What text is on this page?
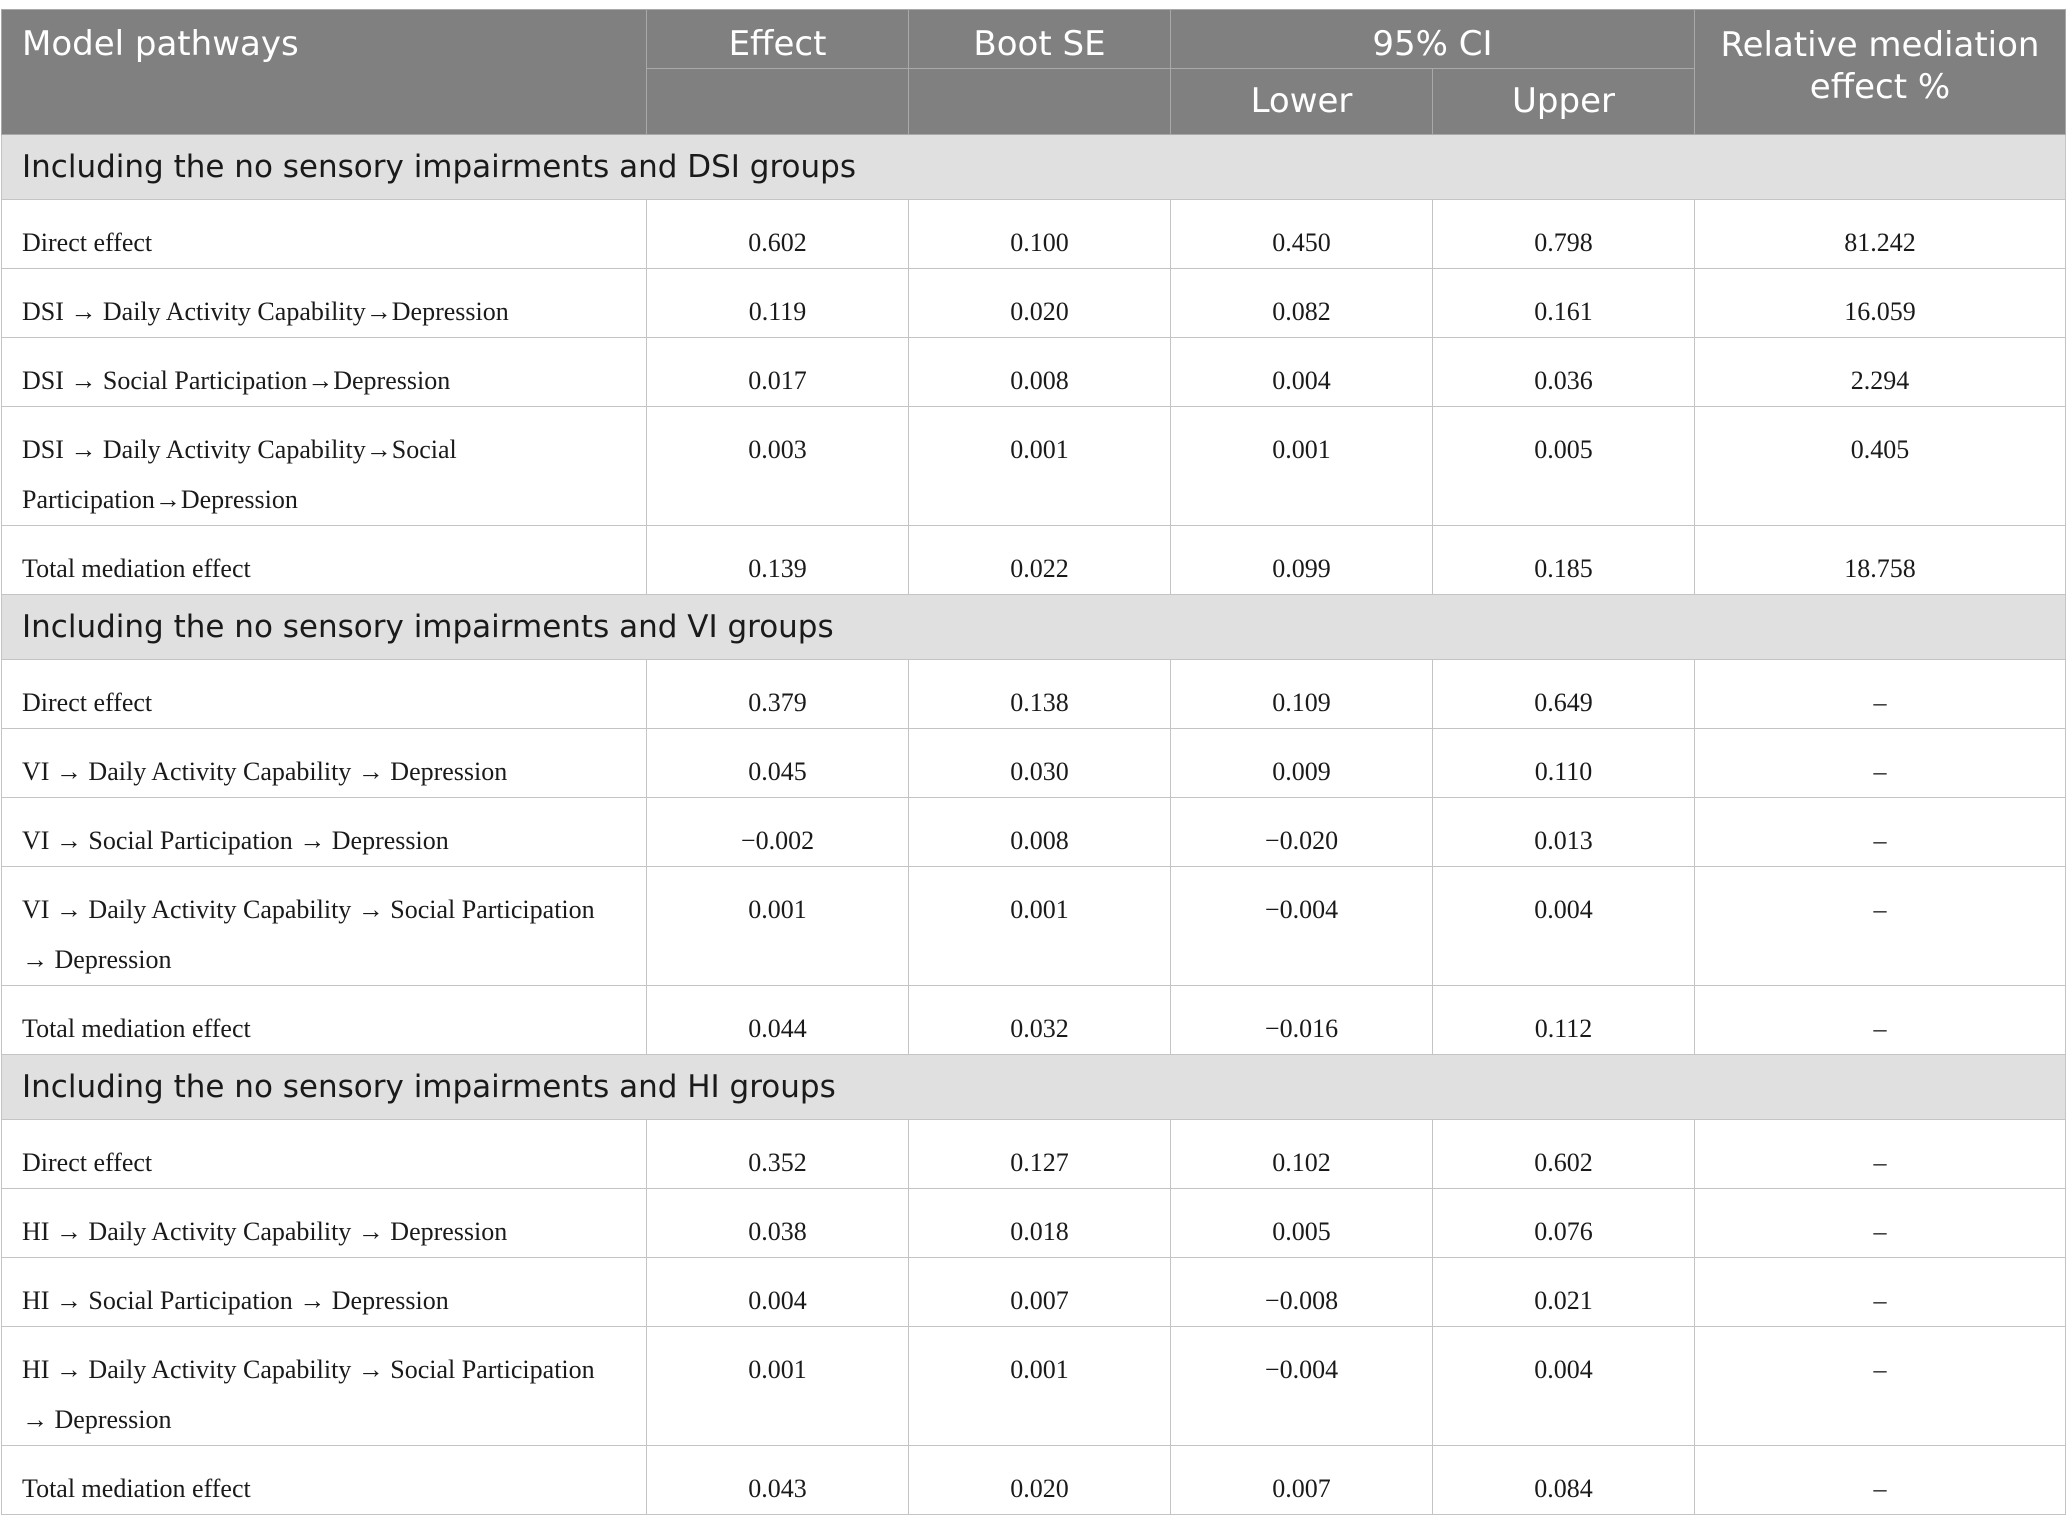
Model pathways	Effect	Boot SE	95% CI		Relative mediation effect %
			Lower	Upper	
Including the no sensory impairments and DSI groups					
Direct effect	0.602	0.100	0.450	0.798	81.242
DSI → Daily Activity Capability→Depression	0.119	0.020	0.082	0.161	16.059
DSI → Social Participation→Depression	0.017	0.008	0.004	0.036	2.294
DSI → Daily Activity Capability→Social Participation→Depression	0.003	0.001	0.001	0.005	0.405
Total mediation effect	0.139	0.022	0.099	0.185	18.758
Including the no sensory impairments and VI groups					
Direct effect	0.379	0.138	0.109	0.649	–
VI → Daily Activity Capability → Depression	0.045	0.030	0.009	0.110	–
VI → Social Participation → Depression	−0.002	0.008	−0.020	0.013	–
VI → Daily Activity Capability → Social Participation → Depression	0.001	0.001	−0.004	0.004	–
Total mediation effect	0.044	0.032	−0.016	0.112	–
Including the no sensory impairments and HI groups					
Direct effect	0.352	0.127	0.102	0.602	–
HI → Daily Activity Capability → Depression	0.038	0.018	0.005	0.076	–
HI → Social Participation → Depression	0.004	0.007	−0.008	0.021	–
HI → Daily Activity Capability → Social Participation → Depression	0.001	0.001	−0.004	0.004	–
Total mediation effect	0.043	0.020	0.007	0.084	–
